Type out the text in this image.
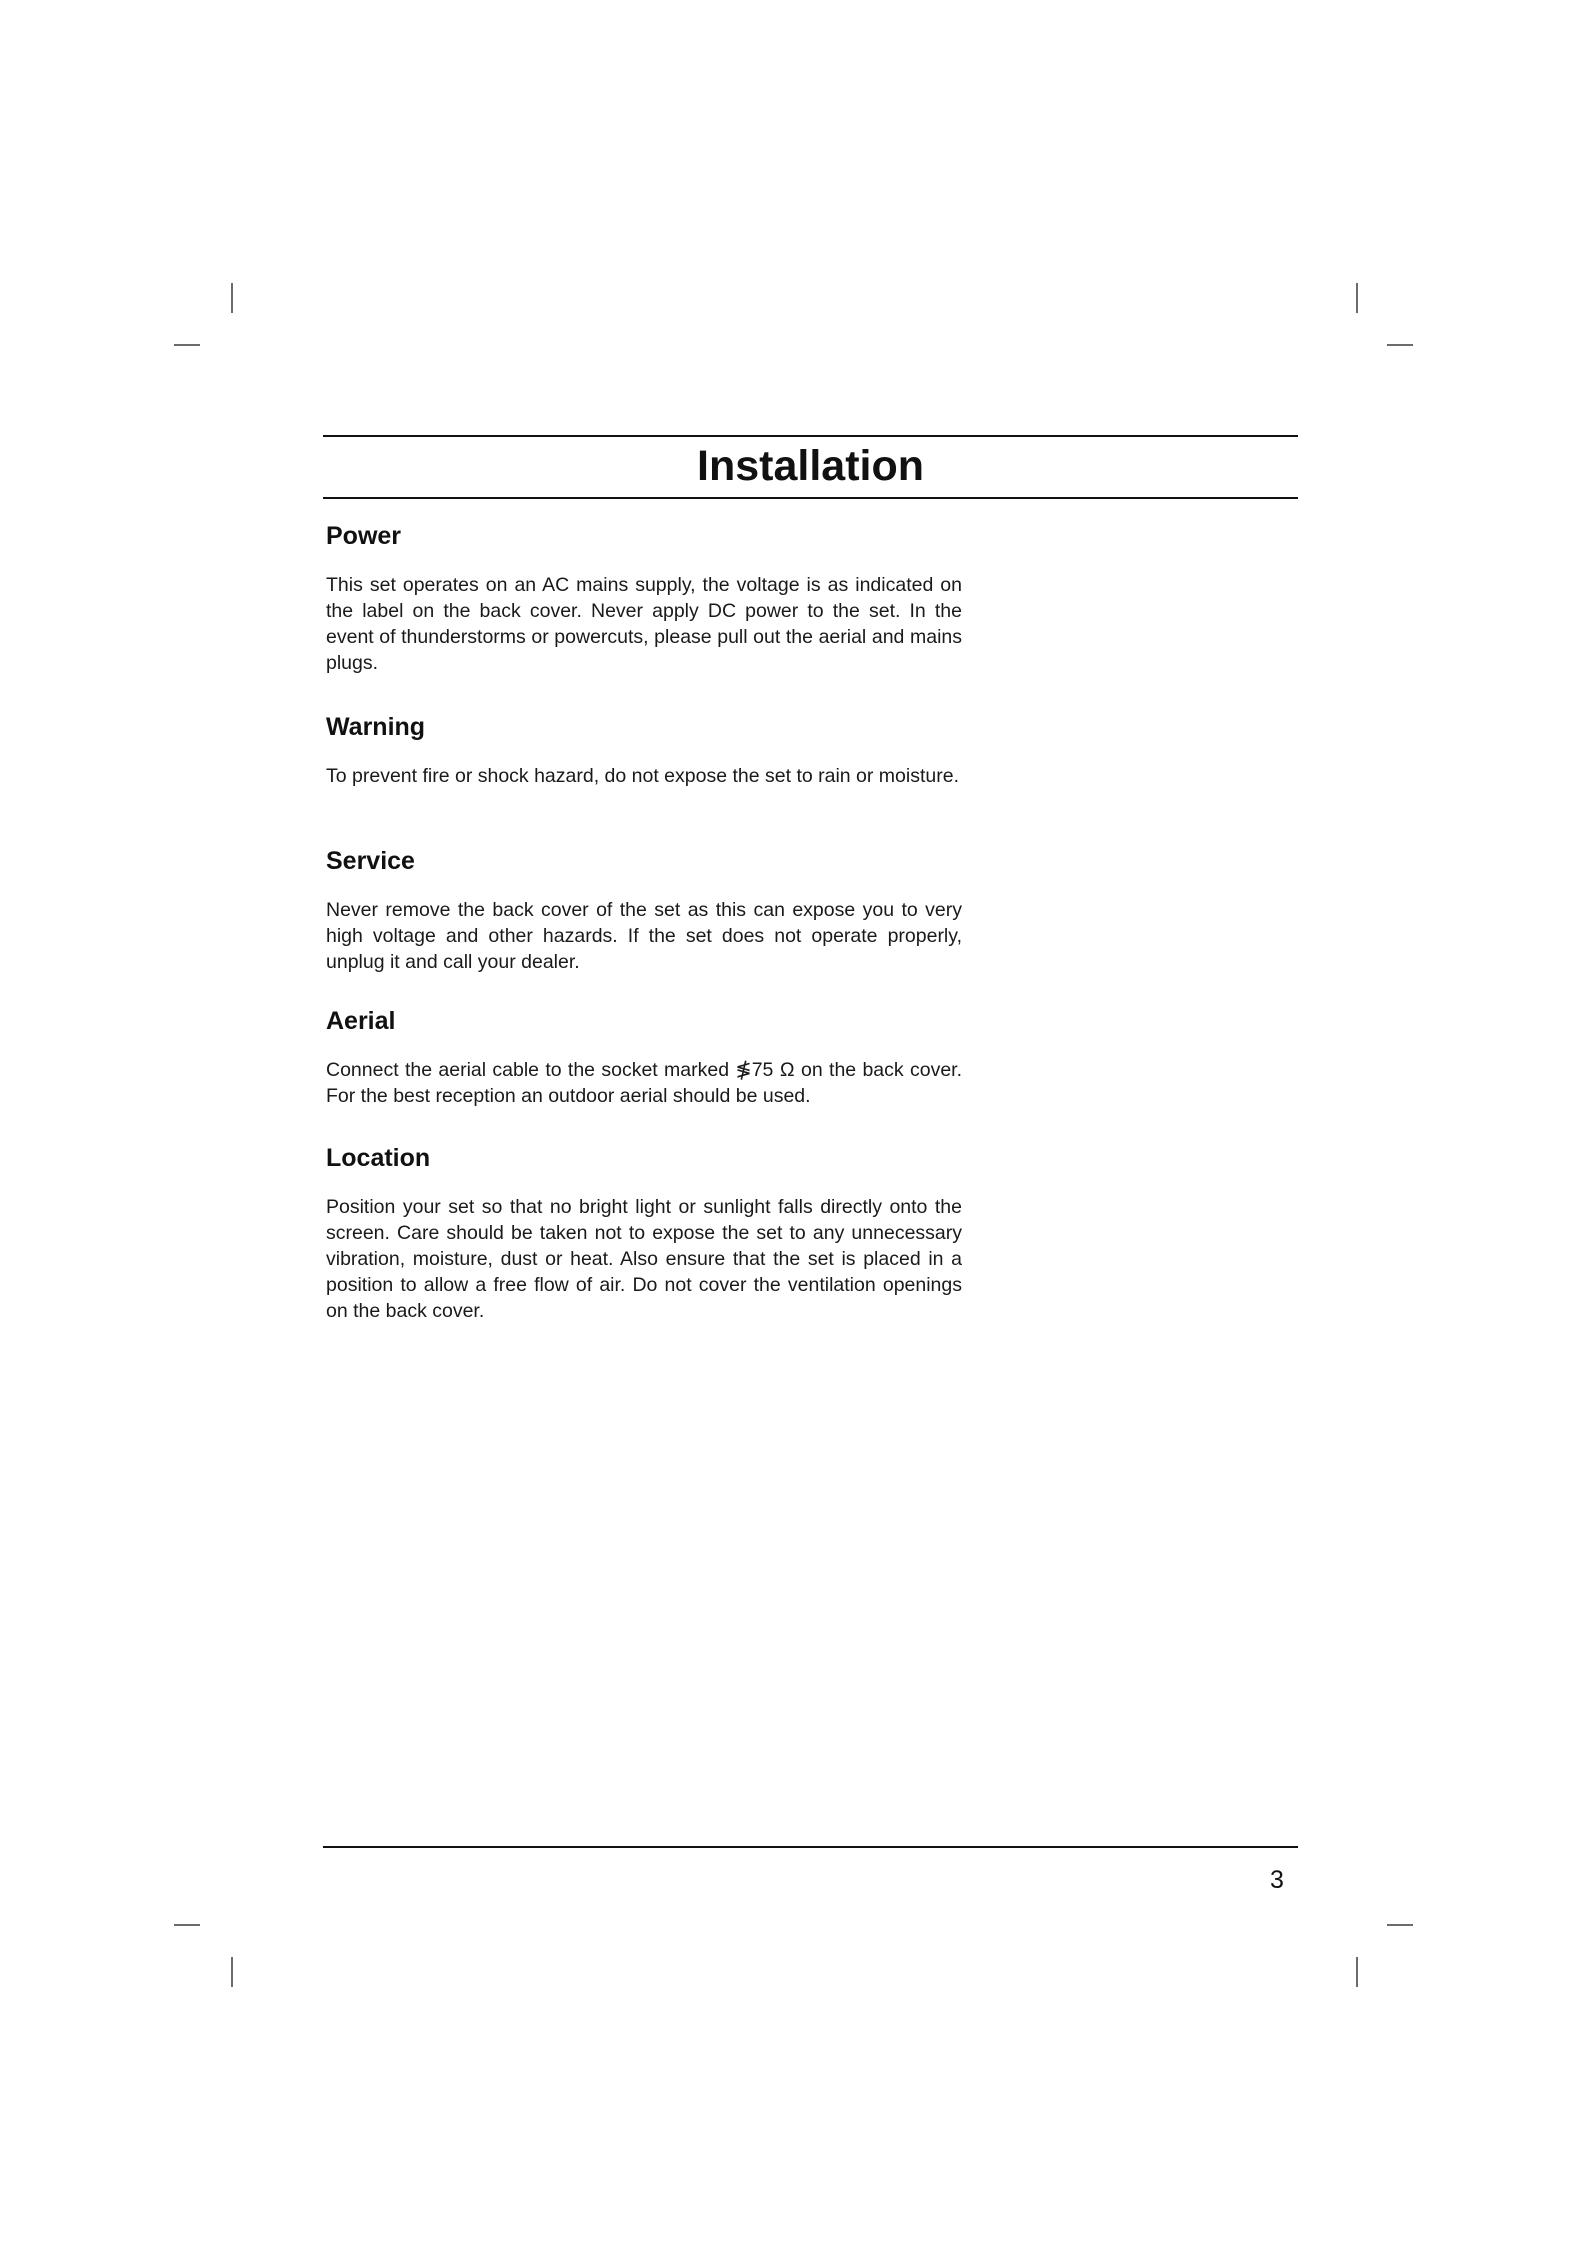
Installation
Power

This set operates on an AC mains supply, the voltage is as indicated on the label on the back cover. Never apply DC power to the set. In the event of thunderstorms or powercuts, please pull out the aerial and mains plugs.

Warning

To prevent fire or shock hazard, do not expose the set to rain or moisture.

Service

Never remove the back cover of the set as this can expose you to very high voltage and other hazards. If the set does not operate properly, unplug it and call your dealer.

Aerial

Connect the aerial cable to the socket marked ≸75 Ω on the back cover. For the best reception an outdoor aerial should be used.

Location

Position your set so that no bright light or sunlight falls directly onto the screen. Care should be taken not to expose the set to any unnecessary vibration, moisture, dust or heat. Also ensure that the set is placed in a position to allow a free flow of air. Do not cover the ventilation openings on the back cover.

3
